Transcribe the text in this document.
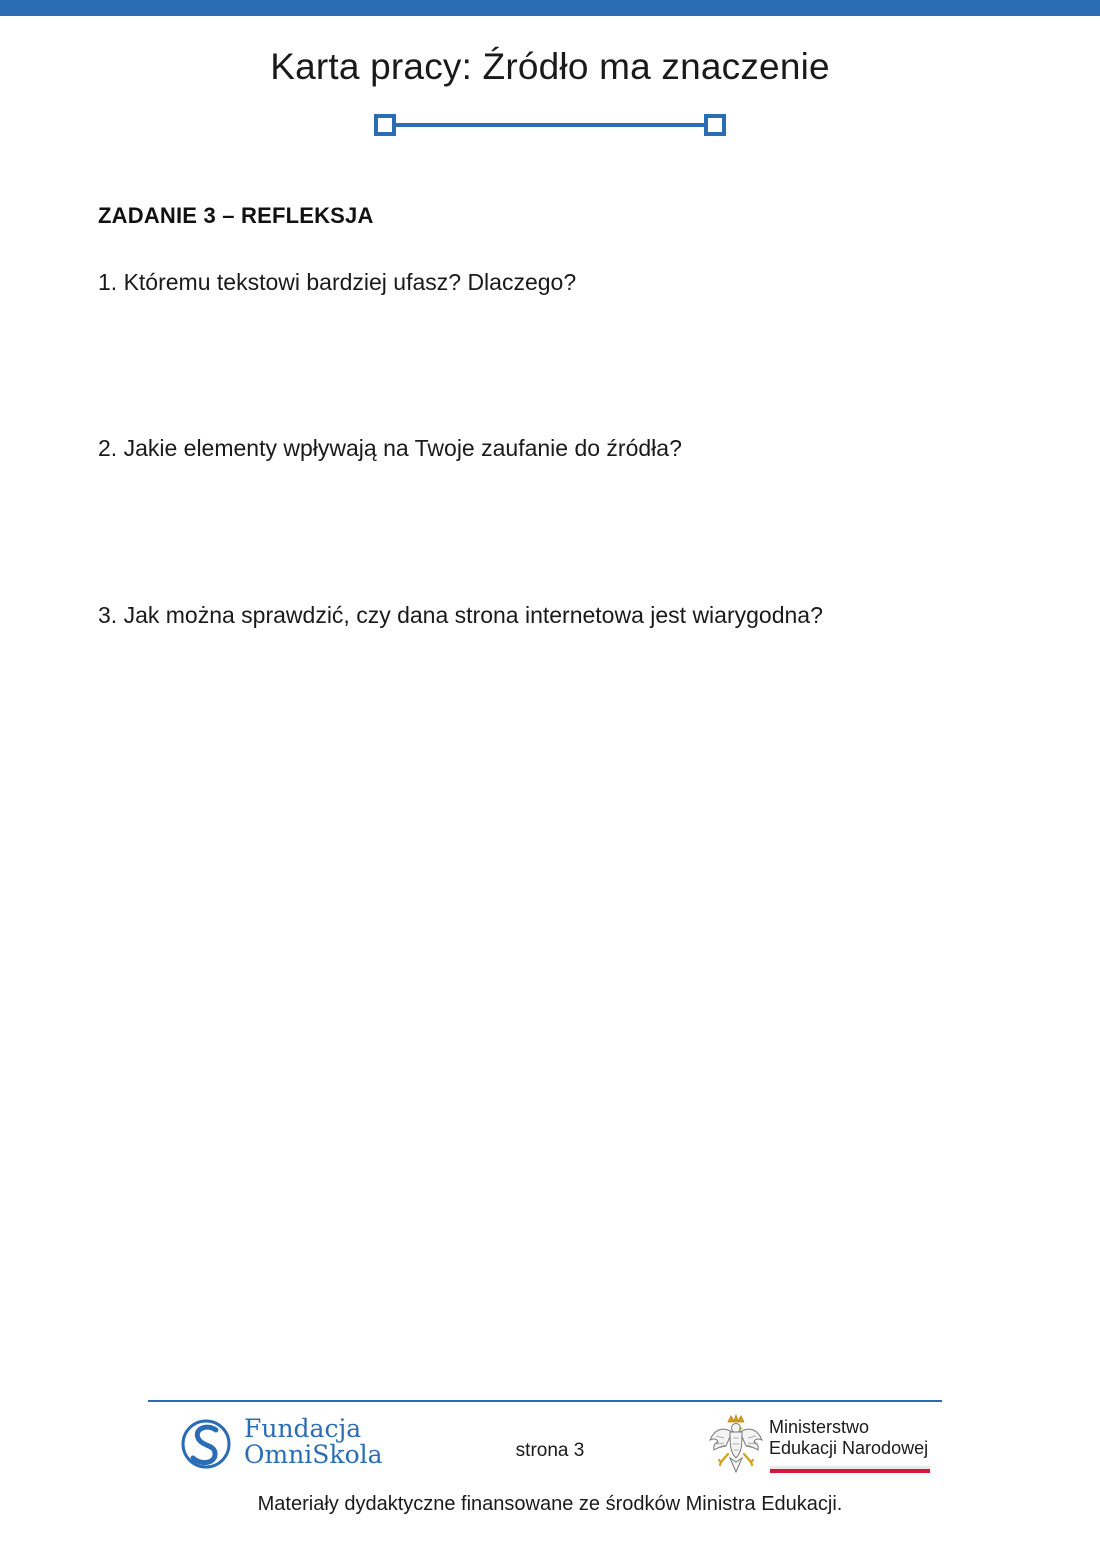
Karta pracy: Źródło ma znaczenie
ZADANIE 3 – REFLEKSJA
1. Któremu tekstowi bardziej ufasz? Dlaczego?
2. Jakie elementy wpływają na Twoje zaufanie do źródła?
3. Jak można sprawdzić, czy dana strona internetowa jest wiarygodna?
Fundacja
OmniSkola	strona 3
Ministerstwo
Edukacji Narodowej
Materiały dydaktyczne finansowane ze środków Ministra Edukacji.
